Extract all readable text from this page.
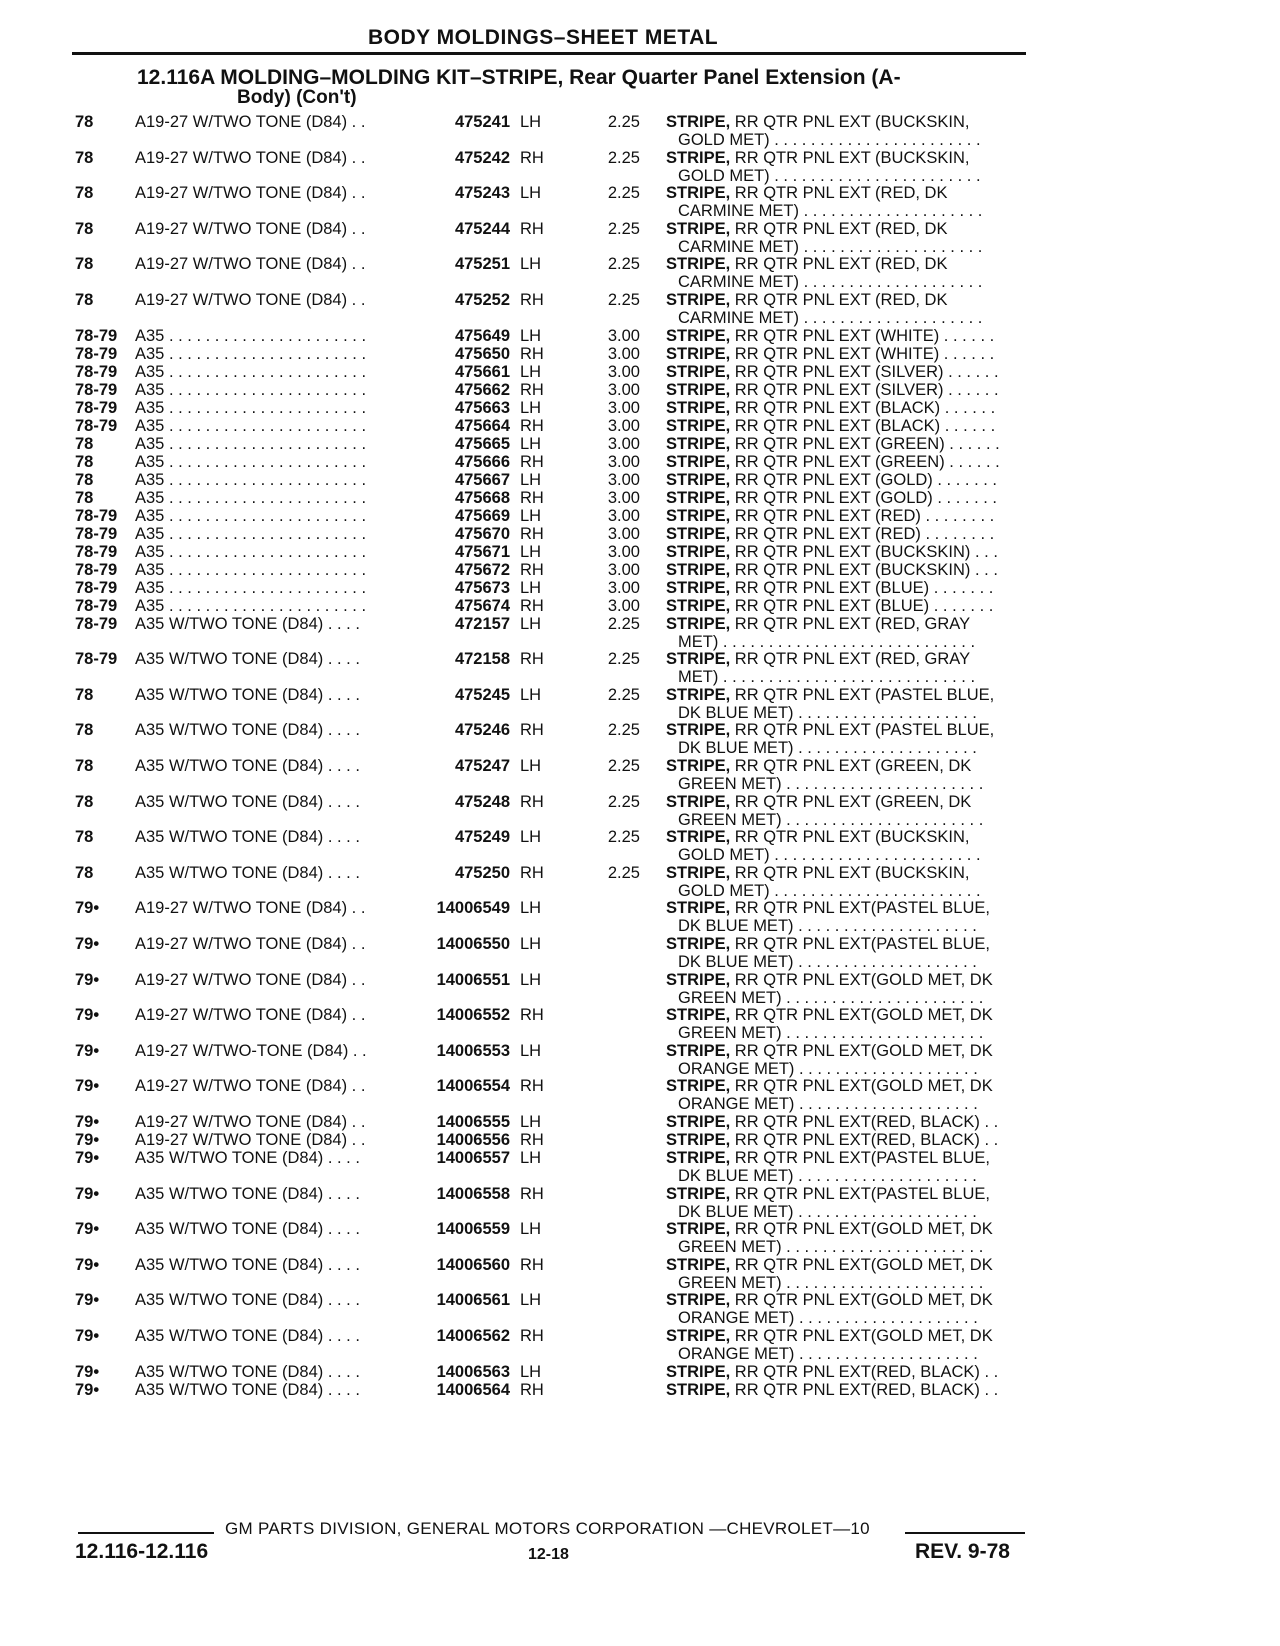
BODY MOLDINGS–SHEET METAL
12.116A MOLDING–MOLDING KIT–STRIPE, Rear Quarter Panel Extension (A-
Body) (Con't)
78	A19-27 W/TWO TONE (D84) . .	475241 LH	2.25 STRIPE, RR QTR PNL EXT (BUCKSKIN,
GOLD MET) . . . . . . . . . . . . . . . . . . . . . . .
78	A19-27 W/TWO TONE (D84) . .	475242 RH	2.25 STRIPE, RR QTR PNL EXT (BUCKSKIN,
GOLD MET) . . . . . . . . . . . . . . . . . . . . . . .
78	A19-27 W/TWO TONE (D84) . .	475243 LH	2.25 STRIPE, RR QTR PNL EXT (RED, DK
CARMINE MET) . . . . . . . . . . . . . . . . . . . .
78	A19-27 W/TWO TONE (D84) . .	475244 RH	2.25 STRIPE, RR QTR PNL EXT (RED, DK
CARMINE MET) . . . . . . . . . . . . . . . . . . . .
78	A19-27 W/TWO TONE (D84) . .	475251 LH	2.25 STRIPE, RR QTR PNL EXT (RED, DK
CARMINE MET) . . . . . . . . . . . . . . . . . . . .
78	A19-27 W/TWO TONE (D84) . .	475252 RH	2.25 STRIPE, RR QTR PNL EXT (RED, DK
CARMINE MET) . . . . . . . . . . . . . . . . . . . .
78-79 A35 . . . . . . . . . . . . . . . . . . . . . .	475649 LH	3.00 STRIPE, RR QTR PNL EXT (WHITE) . . . . . .
78-79 A35 . . . . . . . . . . . . . . . . . . . . . .	475650 RH	3.00 STRIPE, RR QTR PNL EXT (WHITE) . . . . . .
78-79 A35 . . . . . . . . . . . . . . . . . . . . . .	475661 LH	3.00 STRIPE, RR QTR PNL EXT (SILVER) . . . . . .
78-79 A35 . . . . . . . . . . . . . . . . . . . . . .	475662 RH	3.00 STRIPE, RR QTR PNL EXT (SILVER) . . . . . .
78-79 A35 . . . . . . . . . . . . . . . . . . . . . .	475663 LH	3.00 STRIPE, RR QTR PNL EXT (BLACK) . . . . . .
78-79 A35 . . . . . . . . . . . . . . . . . . . . . .	475664 RH	3.00 STRIPE, RR QTR PNL EXT (BLACK) . . . . . .
78	A35 . . . . . . . . . . . . . . . . . . . . . .	475665 LH	3.00 STRIPE, RR QTR PNL EXT (GREEN) . . . . . .
78	A35 . . . . . . . . . . . . . . . . . . . . . .	475666 RH	3.00 STRIPE, RR QTR PNL EXT (GREEN) . . . . . .
78	A35 . . . . . . . . . . . . . . . . . . . . . .	475667 LH	3.00 STRIPE, RR QTR PNL EXT (GOLD) . . . . . . .
78	A35 . . . . . . . . . . . . . . . . . . . . . .	475668 RH	3.00 STRIPE, RR QTR PNL EXT (GOLD) . . . . . . .
78-79 A35 . . . . . . . . . . . . . . . . . . . . . .	475669 LH	3.00 STRIPE, RR QTR PNL EXT (RED) . . . . . . . .
78-79 A35 . . . . . . . . . . . . . . . . . . . . . .	475670 RH	3.00 STRIPE, RR QTR PNL EXT (RED) . . . . . . . .
78-79 A35 . . . . . . . . . . . . . . . . . . . . . .	475671 LH	3.00 STRIPE, RR QTR PNL EXT (BUCKSKIN) . . .
78-79 A35 . . . . . . . . . . . . . . . . . . . . . .	475672 RH	3.00 STRIPE, RR QTR PNL EXT (BUCKSKIN) . . .
78-79 A35 . . . . . . . . . . . . . . . . . . . . . .	475673 LH	3.00 STRIPE, RR QTR PNL EXT (BLUE) . . . . . . .
78-79 A35 . . . . . . . . . . . . . . . . . . . . . .	475674 RH	3.00 STRIPE, RR QTR PNL EXT (BLUE) . . . . . . .
78-79 A35 W/TWO TONE (D84) . . . .	472157 LH	2.25 STRIPE, RR QTR PNL EXT (RED, GRAY
MET) . . . . . . . . . . . . . . . . . . . . . . . . . . . .
78-79 A35 W/TWO TONE (D84) . . . .	472158 RH	2.25 STRIPE, RR QTR PNL EXT (RED, GRAY
MET) . . . . . . . . . . . . . . . . . . . . . . . . . . . .
78	A35 W/TWO TONE (D84) . . . .	475245 LH	2.25 STRIPE, RR QTR PNL EXT (PASTEL BLUE,
DK BLUE MET) . . . . . . . . . . . . . . . . . . . .
78	A35 W/TWO TONE (D84) . . . .	475246 RH	2.25 STRIPE, RR QTR PNL EXT (PASTEL BLUE,
DK BLUE MET) . . . . . . . . . . . . . . . . . . . .
78	A35 W/TWO TONE (D84) . . . .	475247 LH	2.25 STRIPE, RR QTR PNL EXT (GREEN, DK
GREEN MET) . . . . . . . . . . . . . . . . . . . . . .
78	A35 W/TWO TONE (D84) . . . .	475248 RH	2.25 STRIPE, RR QTR PNL EXT (GREEN, DK
GREEN MET) . . . . . . . . . . . . . . . . . . . . . .
78	A35 W/TWO TONE (D84) . . . .	475249 LH	2.25 STRIPE, RR QTR PNL EXT (BUCKSKIN,
GOLD MET) . . . . . . . . . . . . . . . . . . . . . . .
78	A35 W/TWO TONE (D84) . . . .	475250 RH	2.25 STRIPE, RR QTR PNL EXT (BUCKSKIN,
GOLD MET) . . . . . . . . . . . . . . . . . . . . . . .
79• A19-27 W/TWO TONE (D84) . .	14006549 LH	STRIPE, RR QTR PNL EXT(PASTEL BLUE,
DK BLUE MET) . . . . . . . . . . . . . . . . . . . .
79• A19-27 W/TWO TONE (D84) . .	14006550 LH	STRIPE, RR QTR PNL EXT(PASTEL BLUE,
DK BLUE MET) . . . . . . . . . . . . . . . . . . . .
79• A19-27 W/TWO TONE (D84) . .	14006551 LH	STRIPE, RR QTR PNL EXT(GOLD MET, DK
GREEN MET) . . . . . . . . . . . . . . . . . . . . . .
79• A19-27 W/TWO TONE (D84) . .	14006552 RH	STRIPE, RR QTR PNL EXT(GOLD MET, DK
GREEN MET) . . . . . . . . . . . . . . . . . . . . . .
79• A19-27 W/TWO-TONE (D84) . .	14006553 LH	STRIPE, RR QTR PNL EXT(GOLD MET, DK
ORANGE MET) . . . . . . . . . . . . . . . . . . . .
79• A19-27 W/TWO TONE (D84) . .	14006554 RH	STRIPE, RR QTR PNL EXT(GOLD MET, DK
ORANGE MET) . . . . . . . . . . . . . . . . . . . .
79• A19-27 W/TWO TONE (D84) . .	14006555 LH	STRIPE, RR QTR PNL EXT(RED, BLACK) . .
79• A19-27 W/TWO TONE (D84) . .	14006556 RH	STRIPE, RR QTR PNL EXT(RED, BLACK) . .
79• A35 W/TWO TONE (D84) . . . .	14006557 LH	STRIPE, RR QTR PNL EXT(PASTEL BLUE,
DK BLUE MET) . . . . . . . . . . . . . . . . . . . .
79• A35 W/TWO TONE (D84) . . . .	14006558 RH	STRIPE, RR QTR PNL EXT(PASTEL BLUE,
DK BLUE MET) . . . . . . . . . . . . . . . . . . . .
79• A35 W/TWO TONE (D84) . . . .	14006559 LH	STRIPE, RR QTR PNL EXT(GOLD MET, DK
GREEN MET) . . . . . . . . . . . . . . . . . . . . . .
79• A35 W/TWO TONE (D84) . . . .	14006560 RH	STRIPE, RR QTR PNL EXT(GOLD MET, DK
GREEN MET) . . . . . . . . . . . . . . . . . . . . . .
79• A35 W/TWO TONE (D84) . . . .	14006561 LH	STRIPE, RR QTR PNL EXT(GOLD MET, DK
ORANGE MET) . . . . . . . . . . . . . . . . . . . .
79• A35 W/TWO TONE (D84) . . . .	14006562 RH	STRIPE, RR QTR PNL EXT(GOLD MET, DK
ORANGE MET) . . . . . . . . . . . . . . . . . . . .
79• A35 W/TWO TONE (D84) . . . .	14006563 LH	STRIPE, RR QTR PNL EXT(RED, BLACK) . .
79• A35 W/TWO TONE (D84) . . . .	14006564 RH	STRIPE, RR QTR PNL EXT(RED, BLACK) . .
GM PARTS DIVISION, GENERAL MOTORS CORPORATION —CHEVROLET—10
12.116-12.116	12-18	REV. 9-78
